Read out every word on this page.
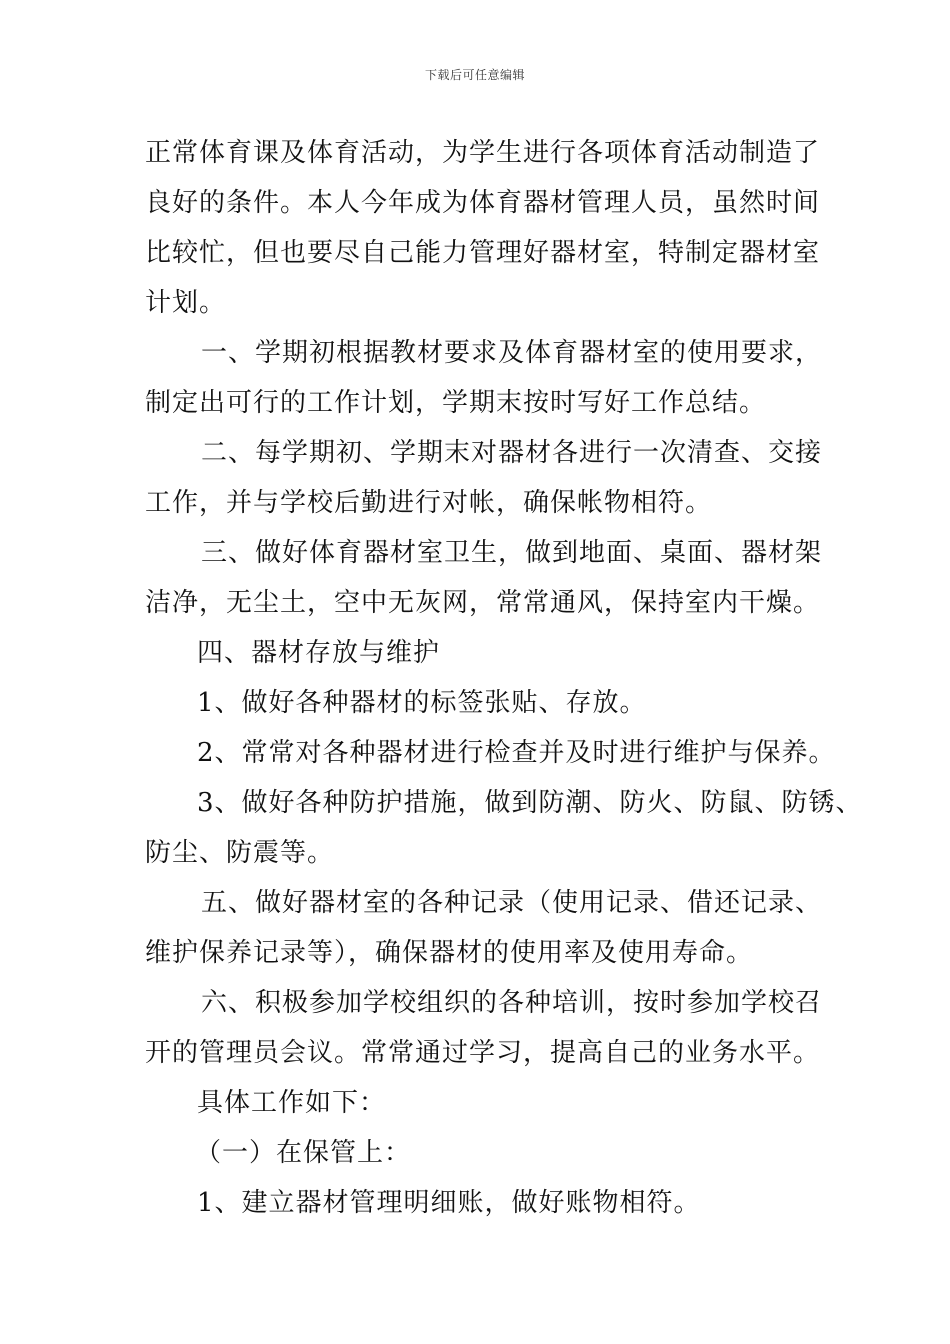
下载后可任意编辑
正常体育课及体育活动，为学生进行各项体育活动制造了
良好的条件。本人今年成为体育器材管理人员，虽然时间
比较忙，但也要尽自己能力管理好器材室，特制定器材室
计划。
一、学期初根据教材要求及体育器材室的使用要求，
制定出可行的工作计划，学期末按时写好工作总结。
二、每学期初、学期末对器材各进行一次清查、交接
工作，并与学校后勤进行对帐，确保帐物相符。
三、做好体育器材室卫生，做到地面、桌面、器材架
洁净，无尘土，空中无灰网，常常通风，保持室内干燥。
四、器材存放与维护
1、做好各种器材的标签张贴、存放。
2、常常对各种器材进行检查并及时进行维护与保养。
3、做好各种防护措施，做到防潮、防火、防鼠、防锈、
防尘、防震等。
五、做好器材室的各种记录（使用记录、借还记录、
维护保养记录等），确保器材的使用率及使用寿命。
六、积极参加学校组织的各种培训，按时参加学校召
开的管理员会议。常常通过学习，提高自己的业务水平。
具体工作如下：
（一）在保管上：
1、建立器材管理明细账，做好账物相符。
